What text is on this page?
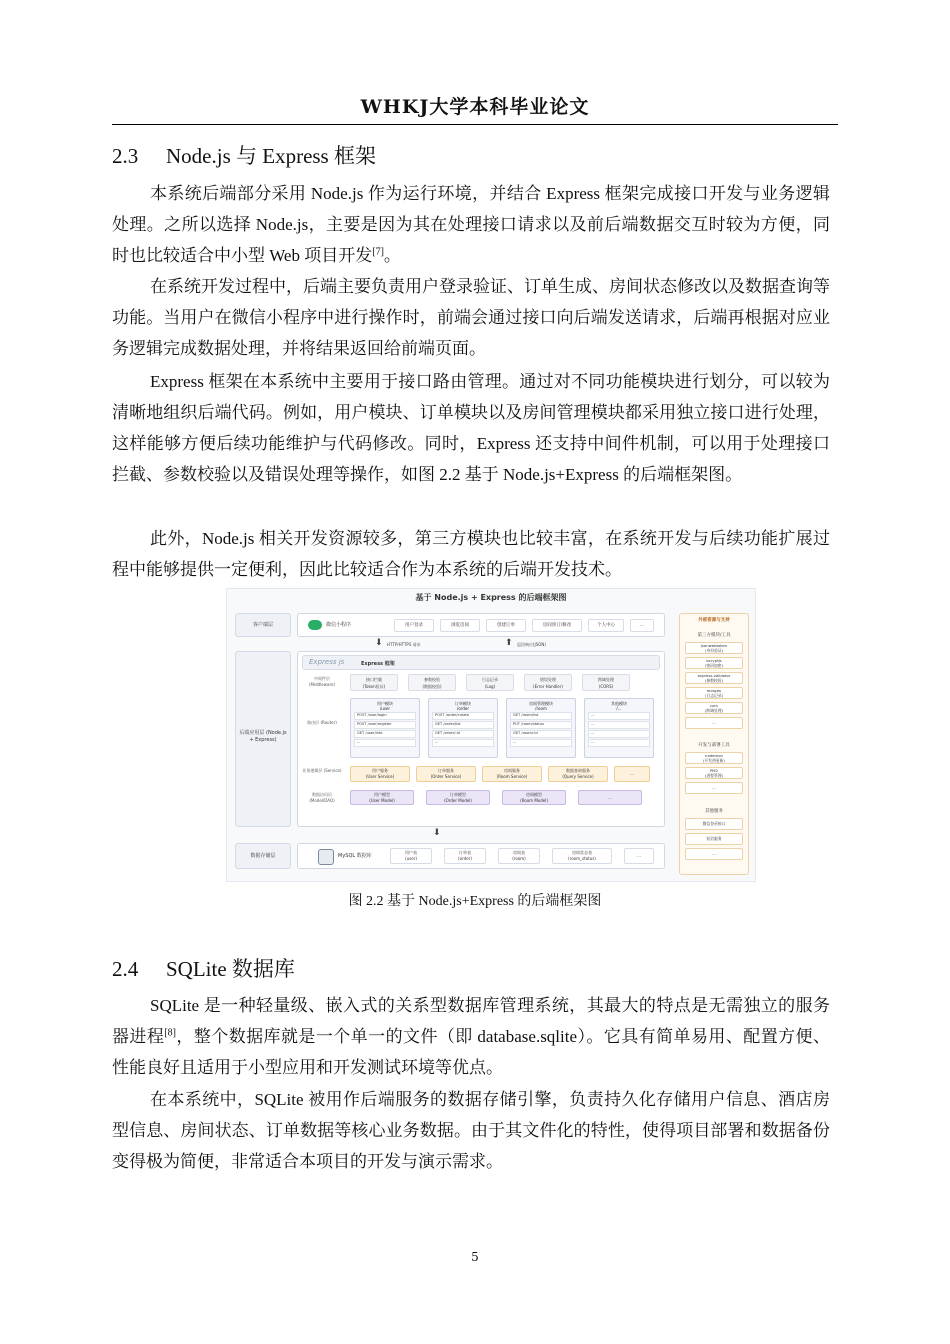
WHKJ大学本科毕业论文
2.3 Node.js 与 Express 框架

本系统后端部分采用 Node.js 作为运行环境，并结合 Express 框架完成接口开发与业务逻辑处理。之所以选择 Node.js，主要是因为其在处理接口请求以及前后端数据交互时较为方便，同时也比较适合中小型 Web 项目开发[7]。

在系统开发过程中，后端主要负责用户登录验证、订单生成、房间状态修改以及数据查询等功能。当用户在微信小程序中进行操作时，前端会通过接口向后端发送请求，后端再根据对应业务逻辑完成数据处理，并将结果返回给前端页面。

Express 框架在本系统中主要用于接口路由管理。通过对不同功能模块进行划分，可以较为清晰地组织后端代码。例如，用户模块、订单模块以及房间管理模块都采用独立接口进行处理，这样能够方便后续功能维护与代码修改。同时，Express 还支持中间件机制，可以用于处理接口拦截、参数校验以及错误处理等操作，如图 2.2 基于 Node.js+Express 的后端框架图。

此外，Node.js 相关开发资源较多，第三方模块也比较丰富，在系统开发与后续功能扩展过程中能够提供一定便利，因此比较适合作为本系统的后端开发技术。

基于 Node.js + Express 的后端框架图
客户端层	微信小程序	用户登录	浏览房间	创建订单	房间预订/修改	个人中心	...
⬇ HTTP/HTTPS 请求	⬆ 返回响应(JSON)
后端应用层 (Node.js + Express)
Express js	Express 框架
中间件层 (Middleware)
接口拦截
(Token验证)
参数校验
(数据校验)
日志记录
(Log)
错误处理
(Error Handler)
跨域处理
(CORS)
路由层 (Router)
用户模块
/user
POST /user/login
POST /user/register
GET /user/info
...
订单模块
/order
POST /order/create
GET /order/list
GET /order/:id
...
房间管理模块
/room
GET /room/list
PUT /room/status
GET /room/:id
...
其他模块
/...
...
...
...
...
业务逻辑层 (Service)	用户服务
(User Service)
订单服务
(Order Service)
房间服务
(Room Service)
数据查询服务
(Query Service)
...
数据访问层 (Model/DAO)
用户模型
(User Model)
订单模型
(Order Model)
房间模型
(Room Model)
...
⬇
数据存储层	MySQL 数据库
用户表
(user)
订单表
(order)
房间表
(room)
房间状态表
(room_status)
...
外部资源与支持
第三方模块/工具
jsonwebtoken
(身份验证)
bcryptjs
(密码加密)
express-validator
(参数校验)
morgan
(日志记录)
cors
(跨域处理)
...
开发与部署工具
nodemon
(开发热更新)
PM2
(进程管理)
...
其他服务
微信登录接口
短信服务
...
图 2.2 基于 Node.js+Express 的后端框架图
2.4 SQLite 数据库

SQLite 是一种轻量级、嵌入式的关系型数据库管理系统，其最大的特点是无需独立的服务器进程[8]，整个数据库就是一个单一的文件（即 database.sqlite）。它具有简单易用、配置方便、性能良好且适用于小型应用和开发测试环境等优点。

在本系统中，SQLite 被用作后端服务的数据存储引擎，负责持久化存储用户信息、酒店房型信息、房间状态、订单数据等核心业务数据。由于其文件化的特性，使得项目部署和数据备份变得极为简便，非常适合本项目的开发与演示需求。

5
